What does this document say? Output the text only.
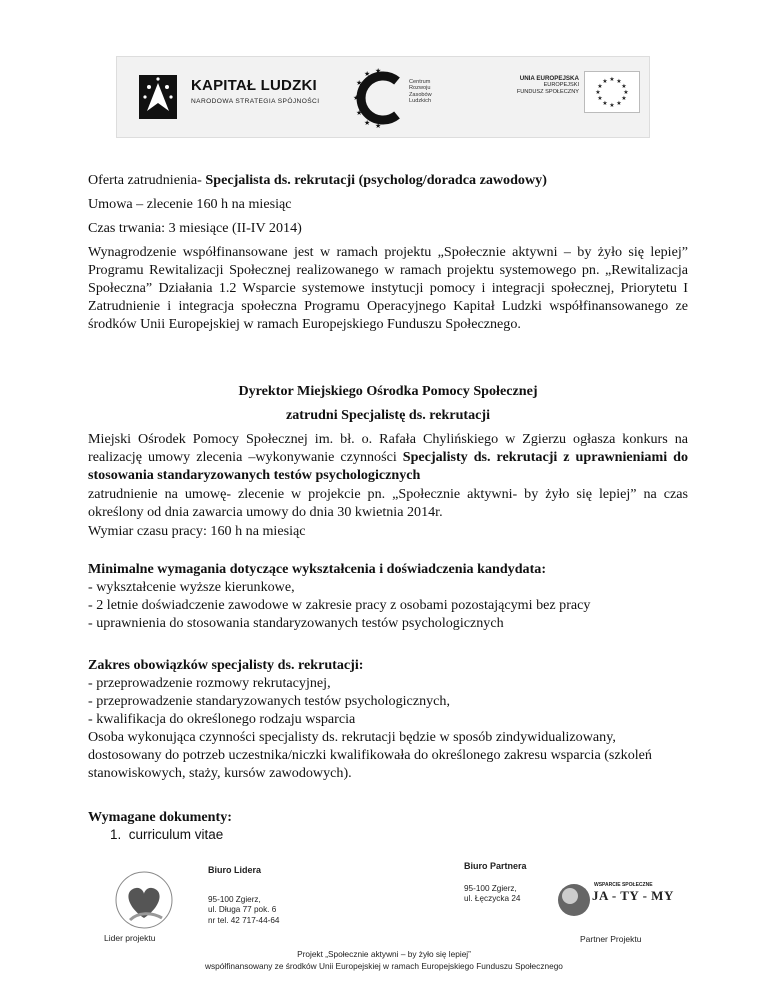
KAPITAŁ LUDZKI
NARODOWA STRATEGIA SPÓJNOŚCI
★
★
★
★
★
★
★
Centrum
Rozwoju
Zasobów
Ludzkich
UNIA EUROPEJSKA
EUROPEJSKI
FUNDUSZ SPOŁECZNY
★ ★
★
★
★
★
★
★
★
★
★
★

Oferta zatrudnienia- Specjalista ds. rekrutacji (psycholog/doradca zawodowy)

Umowa – zlecenie 160 h na miesiąc
Czas trwania: 3 miesiące (II-IV 2014)
Wynagrodzenie współfinansowane jest w ramach projektu „Społecznie aktywni – by żyło się lepiej” Programu Rewitalizacji Społecznej realizowanego w ramach projektu systemowego pn. „Rewitalizacja Społeczna” Działania 1.2 Wsparcie systemowe instytucji pomocy i integracji społecznej, Priorytetu I Zatrudnienie i integracja społeczna Programu Operacyjnego Kapitał Ludzki współfinansowanego ze środków Unii Europejskiej w ramach Europejskiego Funduszu Społecznego.
Dyrektor Miejskiego Ośrodka Pomocy Społecznej
zatrudni Specjalistę ds. rekrutacji
Miejski Ośrodek Pomocy Społecznej im. bł. o. Rafała Chylińskiego w Zgierzu ogłasza konkurs na realizację umowy zlecenia –wykonywanie czynności Specjalisty ds. rekrutacji z uprawnieniami do stosowania standaryzowanych testów psychologicznych
zatrudnienie na umowę- zlecenie w projekcie pn. „Społecznie aktywni- by żyło się lepiej” na czas określony od dnia zawarcia umowy do dnia 30 kwietnia 2014r.
Wymiar czasu pracy: 160 h na miesiąc

Minimalne wymagania dotyczące wykształcenia i doświadczenia kandydata:

- wykształcenie wyższe kierunkowe,

- 2 letnie doświadczenie zawodowe w zakresie pracy z osobami pozostającymi bez pracy

- uprawnienia do stosowania standaryzowanych testów psychologicznych

Zakres obowiązków specjalisty ds. rekrutacji:

- przeprowadzenie rozmowy rekrutacyjnej,

- przeprowadzenie standaryzowanych testów psychologicznych,

- kwalifikacja do określonego rodzaju wsparcia

Osoba wykonująca czynności specjalisty ds. rekrutacji będzie w sposób zindywidualizowany, dostosowany do potrzeb uczestnika/niczki kwalifikowała do określonego zakresu wsparcia (szkoleń stanowiskowych, staży, kursów zawodowych).

Wymagane dokumenty:

1.  curriculum vitae

Biuro Lidera
95-100 Zgierz,
ul. Długa 77 pok. 6
nr tel. 42 717-44-64
Biuro Partnera
95-100 Zgierz,
ul. Łęczycka 24
WSPARCIE SPOŁECZNE
JA - TY - MY
Lider projektu	Partner Projektu
Projekt „Społecznie aktywni – by żyło się lepiej”
współfinansowany ze środków Unii Europejskiej w ramach Europejskiego Funduszu Społecznego
